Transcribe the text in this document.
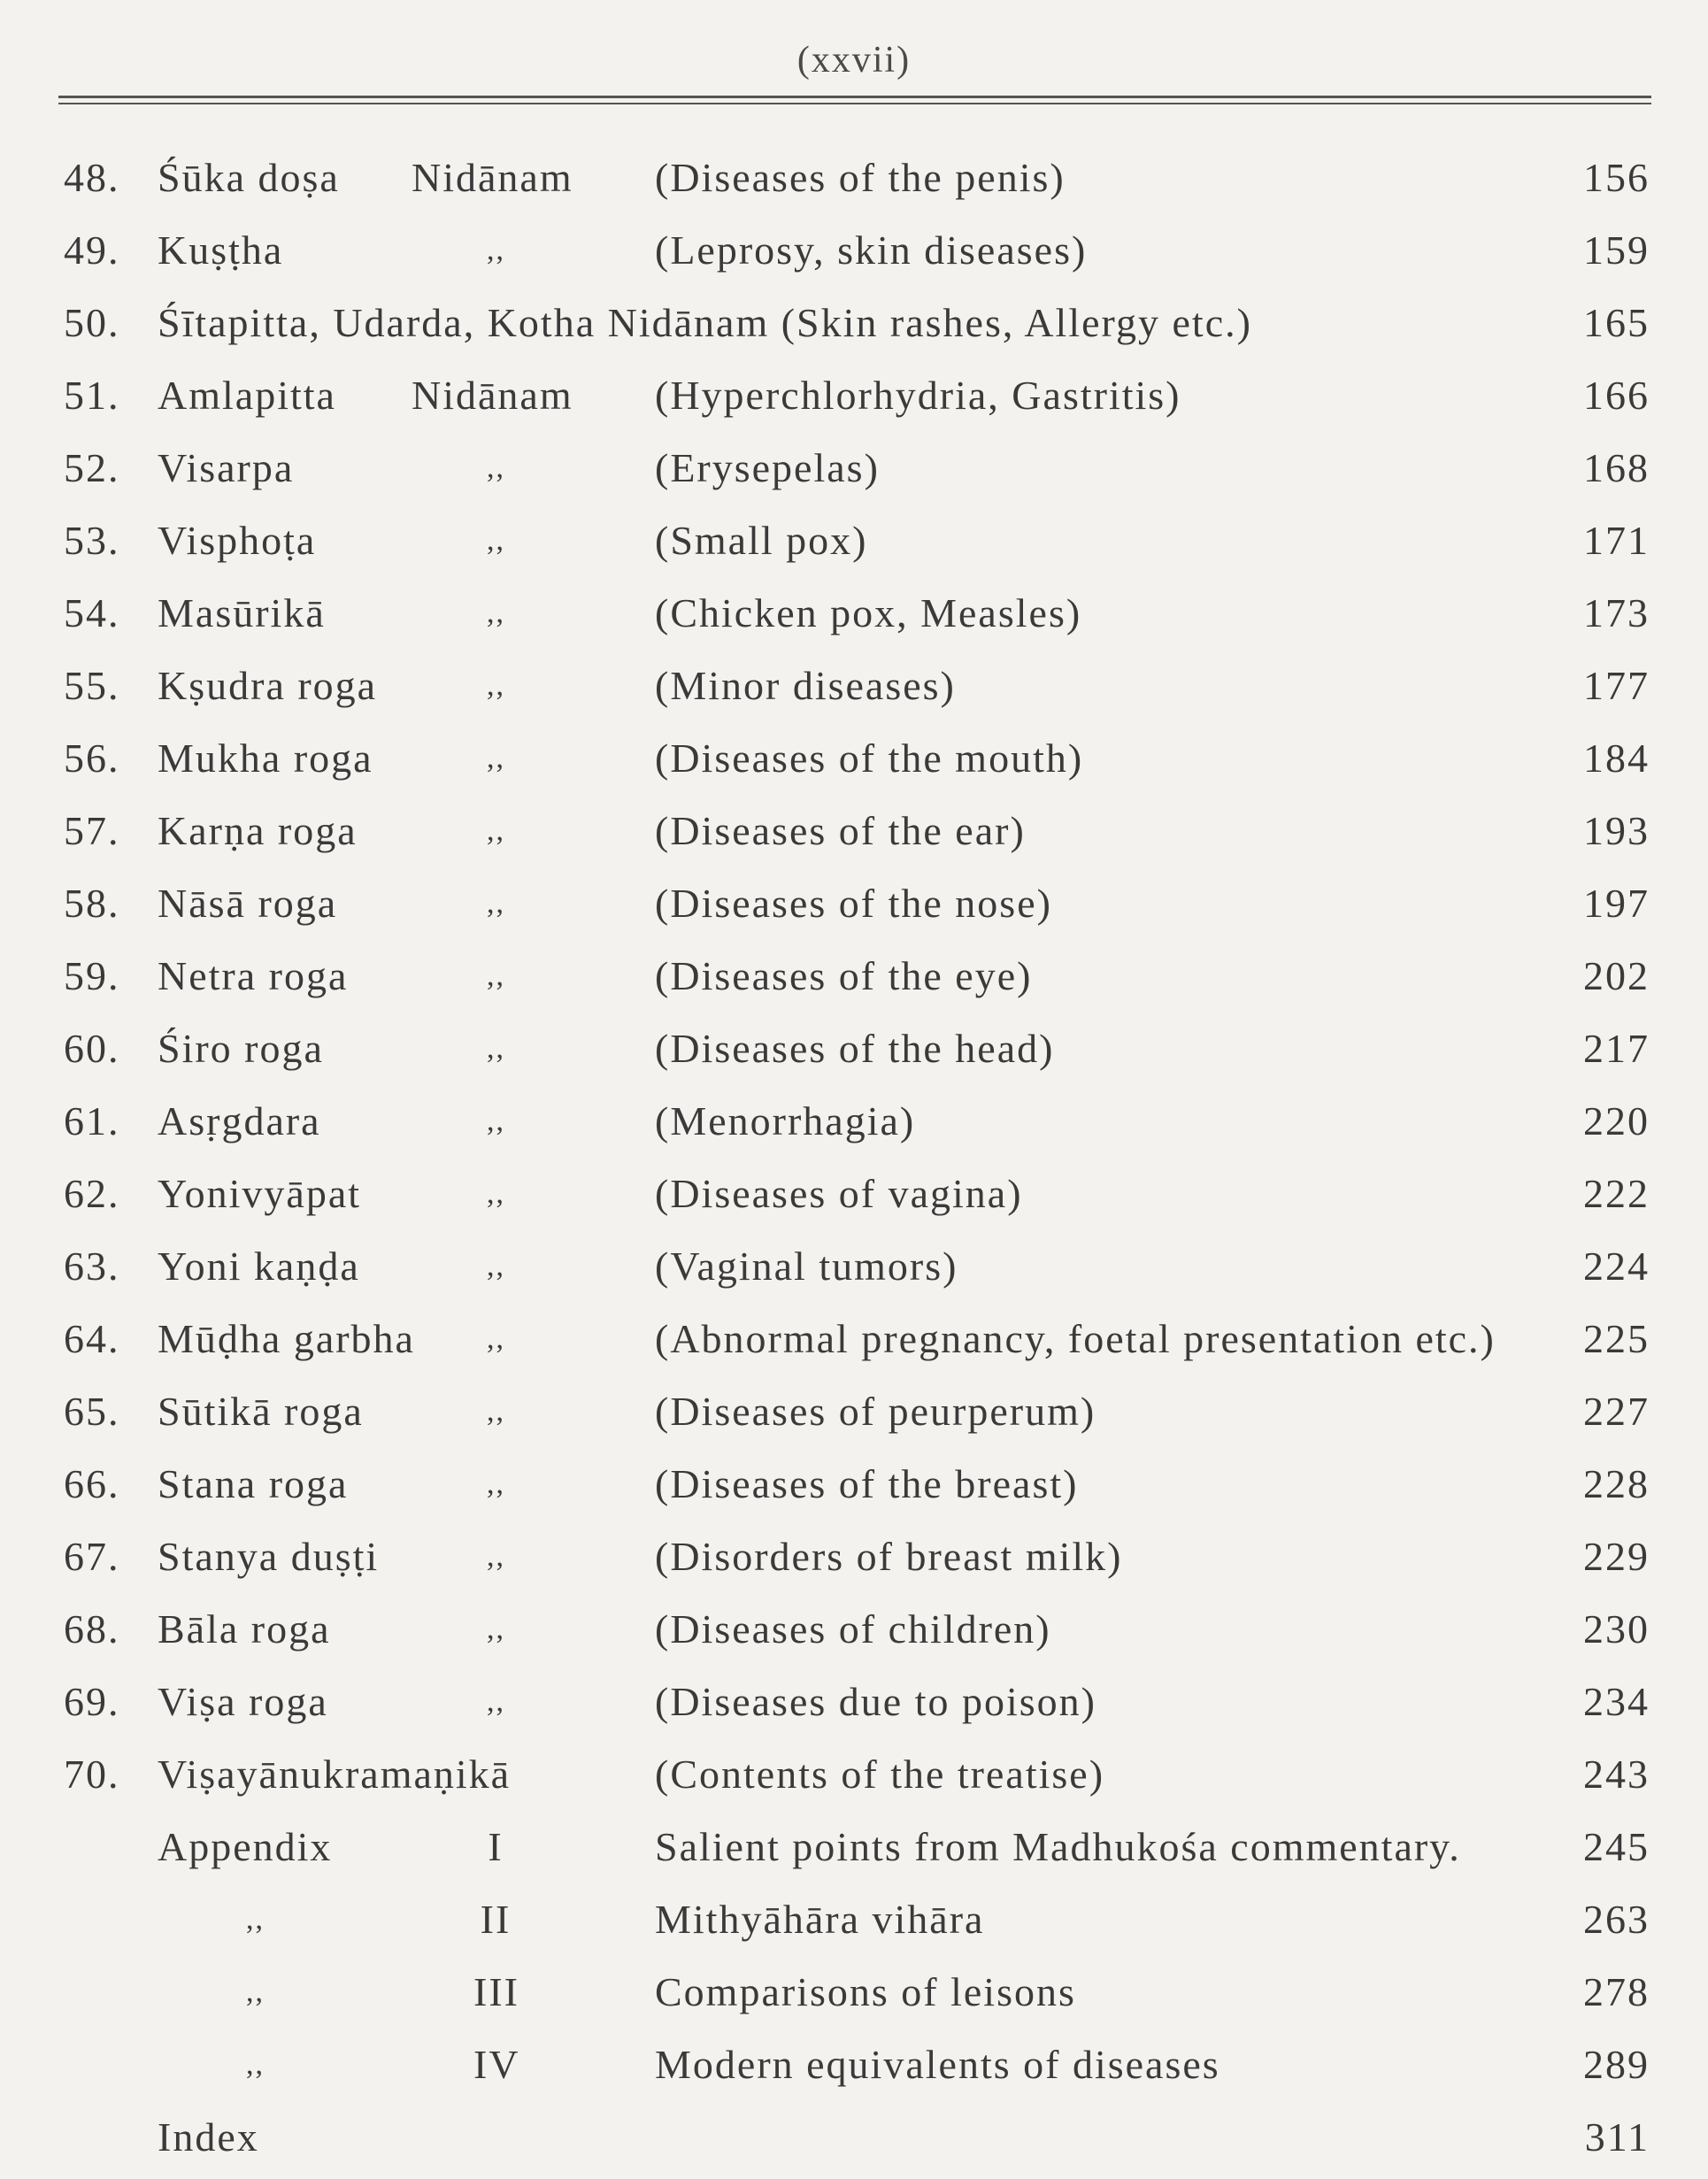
(xxvii)
48. Śūka doṣa Nidānam (Diseases of the penis)	156
49. Kuṣṭha	,,	(Leprosy, skin diseases)	159
50. Śītapitta, Udarda, Kotha Nidānam (Skin rashes, Allergy etc.)	165
51. Amlapitta Nidānam (Hyperchlorhydria, Gastritis)	166
52. Visarpa	,,	(Erysepelas)	168
53. Visphoṭa	,,	(Small pox)	171
54. Masūrikā	,,	(Chicken pox, Measles)	173
55. Kṣudra roga	,,	(Minor diseases)	177
56. Mukha roga	,,	(Diseases of the mouth)	184
57. Karṇa roga	,,	(Diseases of the ear)	193
58. Nāsā roga	,,	(Diseases of the nose)	197
59. Netra roga	,,	(Diseases of the eye)	202
60. Śiro roga	,,	(Diseases of the head)	217
61. Asṛgdara	,,	(Menorrhagia)	220
62. Yonivyāpat	,,	(Diseases of vagina)	222
63. Yoni kaṇḍa	,,	(Vaginal tumors)	224
64. Mūḍha garbha ,,	(Abnormal pregnancy, foetal presentation etc.) 225
65. Sūtikā roga	,,	(Diseases of peurperum)	227
66. Stana roga	,,	(Diseases of the breast)	228
67. Stanya duṣṭi	,,	(Disorders of breast milk)	229
68. Bāla roga	,,	(Diseases of children)	230
69. Viṣa roga	,,	(Diseases due to poison)	234
70. Viṣayānukramaṇikā	(Contents of the treatise)	243
Appendix	I	Salient points from Madhukośa commentary.	245
,,	II	Mithyāhāra vihāra	263
,,	III	Comparisons of leisons	278
,,	IV	Modern equivalents of diseases	289
Index	311
